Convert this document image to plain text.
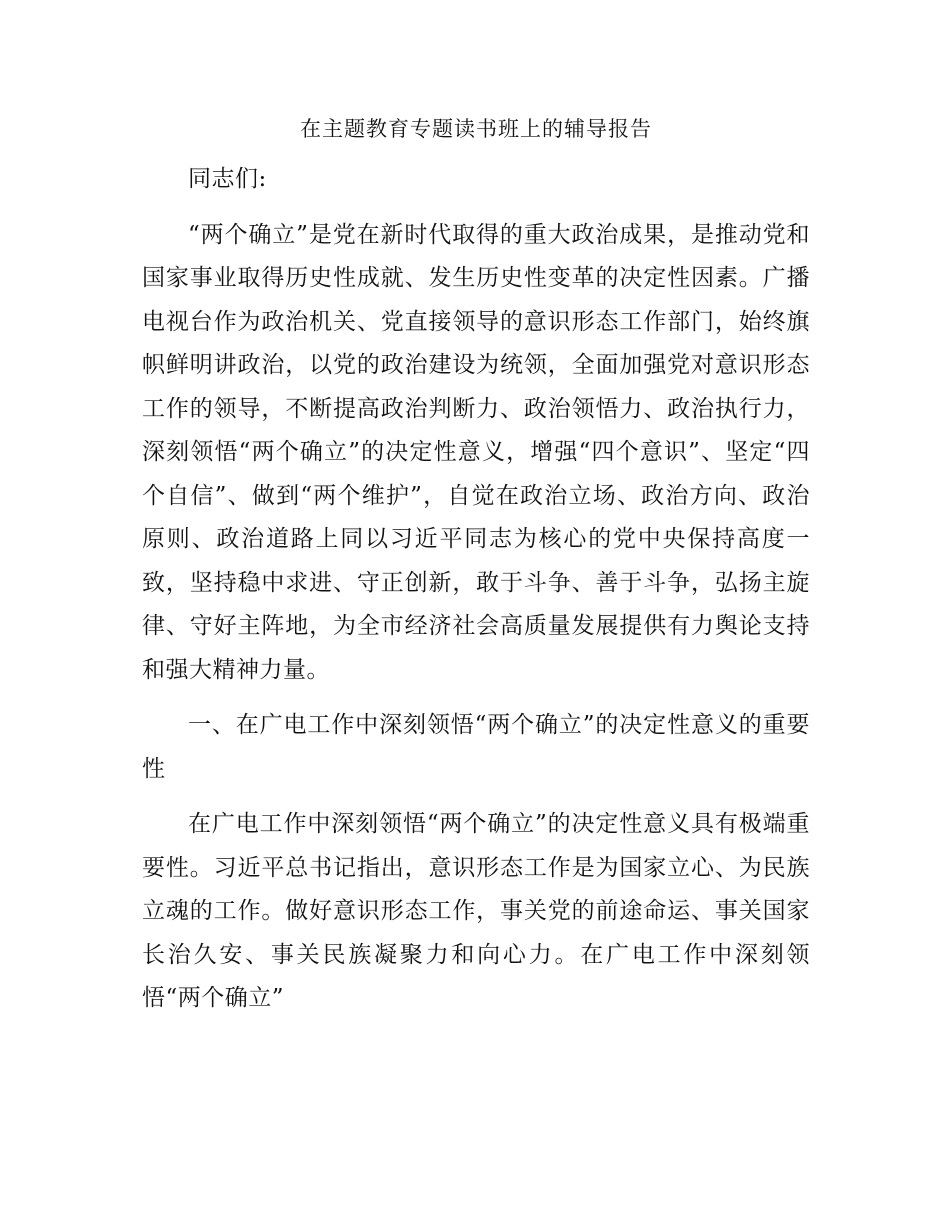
在主题教育专题读书班上的辅导报告

同志们:

“两个确立”是党在新时代取得的重大政治成果，是推动党和国家事业取得历史性成就、发生历史性变革的决定性因素。广播电视台作为政治机关、党直接领导的意识形态工作部门，始终旗帜鲜明讲政治，以党的政治建设为统领，全面加强党对意识形态工作的领导，不断提高政治判断力、政治领悟力、政治执行力，深刻领悟“两个确立”的决定性意义，增强“四个意识”、坚定“四个自信”、做到“两个维护”，自觉在政治立场、政治方向、政治原则、政治道路上同以习近平同志为核心的党中央保持高度一致，坚持稳中求进、守正创新，敢于斗争、善于斗争，弘扬主旋律、守好主阵地，为全市经济社会高质量发展提供有力舆论支持和强大精神力量。

一、在广电工作中深刻领悟“两个确立”的决定性意义的重要性

在广电工作中深刻领悟“两个确立”的决定性意义具有极端重要性。习近平总书记指出，意识形态工作是为国家立心、为民族立魂的工作。做好意识形态工作，事关党的前途命运、事关国家长治久安、事关民族凝聚力和向心力。在广电工作中深刻领悟“两个确立”
